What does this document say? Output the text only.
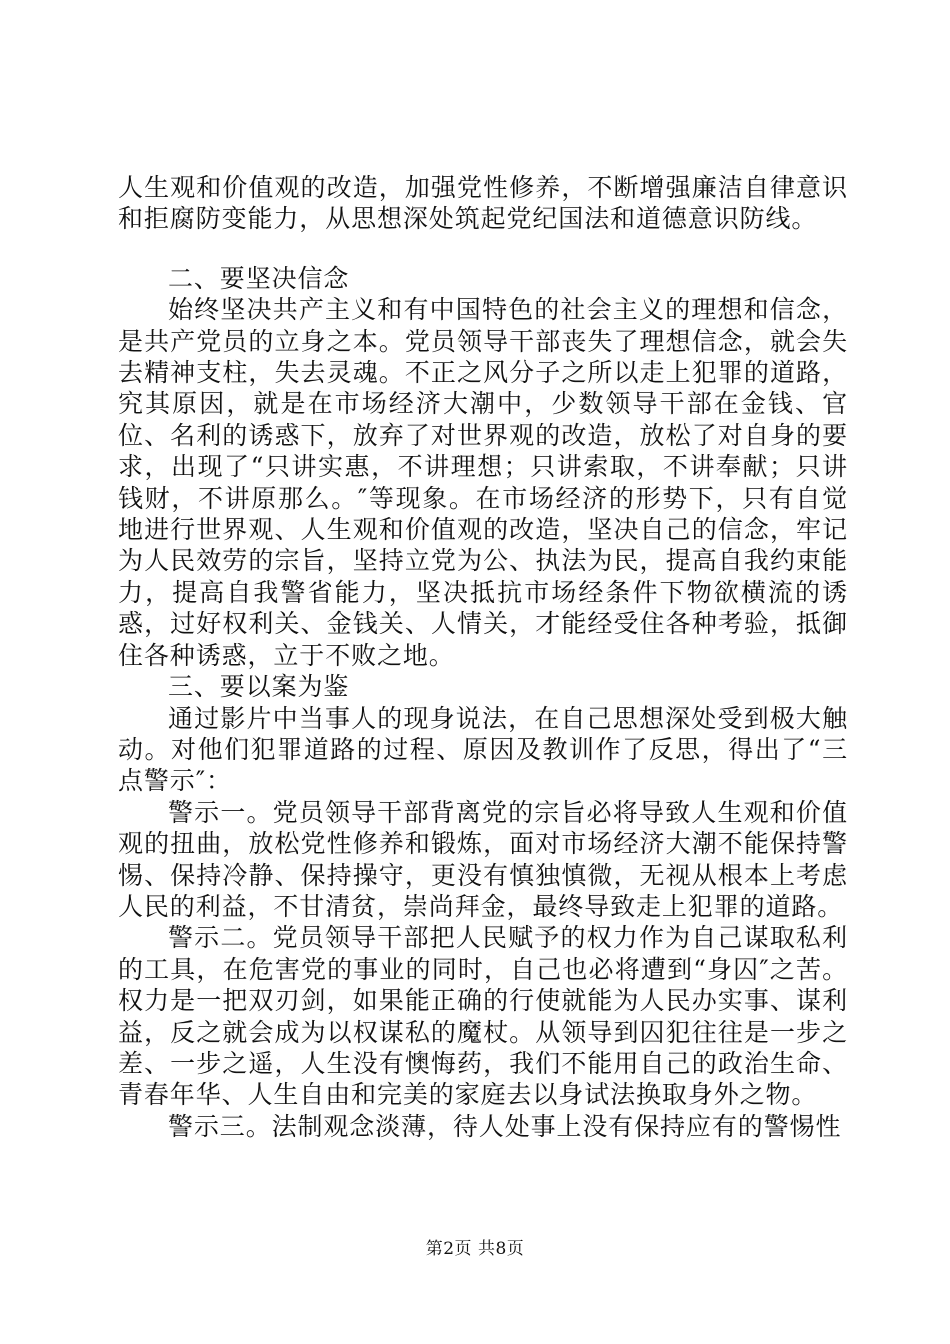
人生观和价值观的改造，加强党性修养，不断增强廉洁自律意识和拒腐防变能力，从思想深处筑起党纪国法和道德意识防线。

二、要坚决信念

始终坚决共产主义和有中国特色的社会主义的理想和信念，是共产党员的立身之本。党员领导干部丧失了理想信念，就会失去精神支柱，失去灵魂。不正之风分子之所以走上犯罪的道路，究其原因，就是在市场经济大潮中，少数领导干部在金钱、官位、名利的诱惑下，放弃了对世界观的改造，放松了对自身的要求，出现了“只讲实惠，不讲理想；只讲索取，不讲奉献；只讲钱财，不讲原那么。″等现象。在市场经济的形势下，只有自觉地进行世界观、人生观和价值观的改造，坚决自己的信念，牢记为人民效劳的宗旨，坚持立党为公、执法为民，提高自我约束能力，提高自我警省能力，坚决抵抗市场经条件下物欲横流的诱惑，过好权利关、金钱关、人情关，才能经受住各种考验，抵御住各种诱惑，立于不败之地。

三、要以案为鉴

通过影片中当事人的现身说法，在自己思想深处受到极大触动。对他们犯罪道路的过程、原因及教训作了反思，得出了“三点警示″：

警示一。党员领导干部背离党的宗旨必将导致人生观和价值观的扭曲，放松党性修养和锻炼，面对市场经济大潮不能保持警惕、保持冷静、保持操守，更没有慎独慎微，无视从根本上考虑人民的利益，不甘清贫，崇尚拜金，最终导致走上犯罪的道路。

警示二。党员领导干部把人民赋予的权力作为自己谋取私利的工具，在危害党的事业的同时，自己也必将遭到“身囚″之苦。权力是一把双刃剑，如果能正确的行使就能为人民办实事、谋利益，反之就会成为以权谋私的魔杖。从领导到囚犯往往是一步之差、一步之遥，人生没有懊悔药，我们不能用自己的政治生命、青春年华、人生自由和完美的家庭去以身试法换取身外之物。

警示三。法制观念淡薄，待人处事上没有保持应有的警惕性

第2页 共8页
